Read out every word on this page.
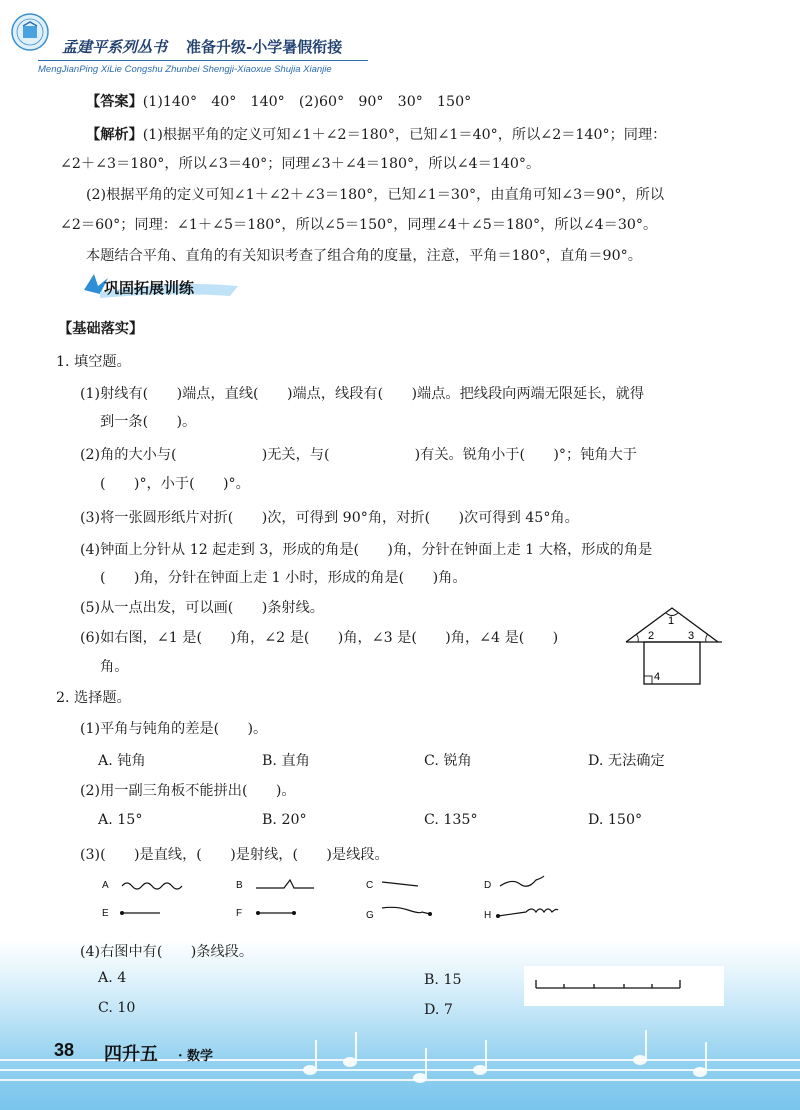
孟建平系列丛书 准备升级-小学暑假衔接
MengJianPing XiLie Congshu Zhunbei Shengji-Xiaoxue Shujia Xianjie
【答案】(1)140°　40°　140°　(2)60°　90°　30°　150°
【解析】(1)根据平角的定义可知∠1＋∠2＝180°，已知∠1＝40°，所以∠2＝140°；同理：
∠2＋∠3＝180°，所以∠3＝40°；同理∠3＋∠4＝180°，所以∠4＝140°。
(2)根据平角的定义可知∠1＋∠2＋∠3＝180°，已知∠1＝30°，由直角可知∠3＝90°，所以
∠2＝60°；同理：∠1＋∠5＝180°，所以∠5＝150°，同理∠4＋∠5＝180°，所以∠4＝30°。
本题结合平角、直角的有关知识考查了组合角的度量，注意，平角＝180°，直角＝90°。
巩固拓展训练
【基础落实】
1. 填空题。
(1)射线有(　　)端点，直线(　　)端点，线段有(　　)端点。把线段向两端无限延长，就得
到一条(　　)。
(2)角的大小与(　　　　　　)无关，与(　　　　　　)有关。锐角小于(　　)°；钝角大于
(　　)°，小于(　　)°。
(3)将一张圆形纸片对折(　　)次，可得到 90°角，对折(　　)次可得到 45°角。
(4)钟面上分针从 12 起走到 3，形成的角是(　　)角，分针在钟面上走 1 大格，形成的角是
(　　)角，分针在钟面上走 1 小时，形成的角是(　　)角。
(5)从一点出发，可以画(　　)条射线。
(6)如右图，∠1 是(　　)角，∠2 是(　　)角，∠3 是(　　)角，∠4 是(　　)
角。
1
2	3
4
2. 选择题。
(1)平角与钝角的差是(　　)。
A. 钝角	B. 直角	C. 锐角	D. 无法确定
(2)用一副三角板不能拼出(　　)。
A. 15°	B. 20°	C. 135°	D. 150°
(3)(　　)是直线，(　　)是射线，(　　)是线段。
A	B	C	D
E	F	G	H
(4)右图中有(　　)条线段。
A. 4	B. 15
C. 10	D. 7
38 四升五 · 数学
